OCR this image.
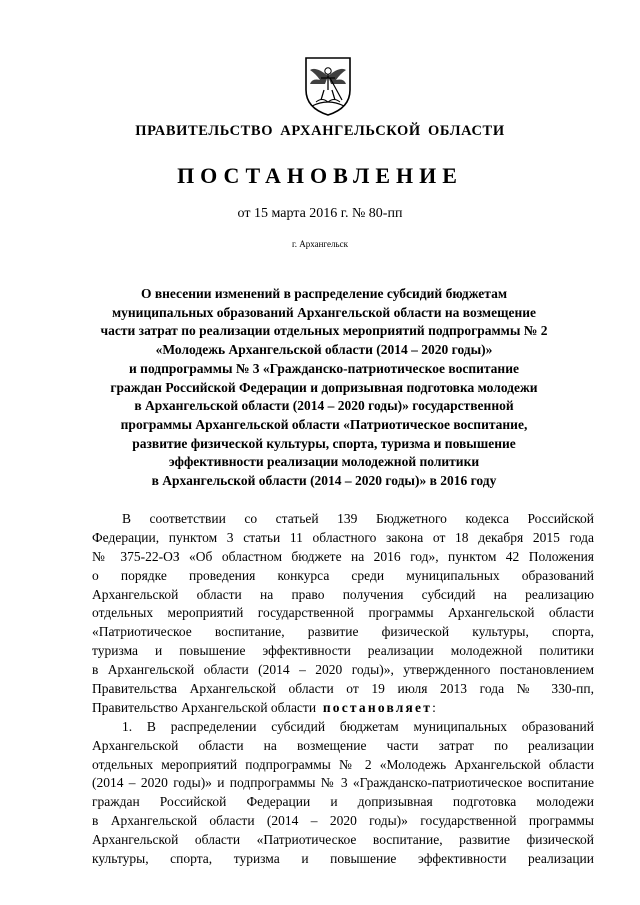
ПРАВИТЕЛЬСТВО АРХАНГЕЛЬСКОЙ ОБЛАСТИ
ПОСТАНОВЛЕНИЕ
от 15 марта 2016 г. № 80-пп
г. Архангельск
О внесении изменений в распределение субсидий бюджетам
муниципальных образований Архангельской области на возмещение
части затрат по реализации отдельных мероприятий подпрограммы № 2
«Молодежь Архангельской области (2014 – 2020 годы)»
и подпрограммы № 3 «Гражданско-патриотическое воспитание
граждан Российской Федерации и допризывная подготовка молодежи
в Архангельской области (2014 – 2020 годы)» государственной
программы Архангельской области «Патриотическое воспитание,
развитие физической культуры, спорта, туризма и повышение
эффективности реализации молодежной политики
в Архангельской области (2014 – 2020 годы)» в 2016 году
В соответствии со статьей 139 Бюджетного кодекса Российской
Федерации, пунктом 3 статьи 11 областного закона от 18 декабря 2015 года
№ 375-22-ОЗ «Об областном бюджете на 2016 год», пунктом 42 Положения
о порядке проведения конкурса среди муниципальных образований
Архангельской области на право получения субсидий на реализацию
отдельных мероприятий государственной программы Архангельской области
«Патриотическое воспитание, развитие физической культуры, спорта,
туризма и повышение эффективности реализации молодежной политики
в Архангельской области (2014 – 2020 годы)», утвержденного постановлением
Правительства Архангельской области от 19 июля 2013 года № 330-пп,
Правительство Архангельской области постановляет:
1. В распределении субсидий бюджетам муниципальных образований
Архангельской области на возмещение части затрат по реализации
отдельных мероприятий подпрограммы № 2 «Молодежь Архангельской области
(2014 – 2020 годы)» и подпрограммы № 3 «Гражданско-патриотическое воспитание
граждан Российской Федерации и допризывная подготовка молодежи
в Архангельской области (2014 – 2020 годы)» государственной программы
Архангельской области «Патриотическое воспитание, развитие физической
культуры, спорта, туризма и повышение эффективности реализации
